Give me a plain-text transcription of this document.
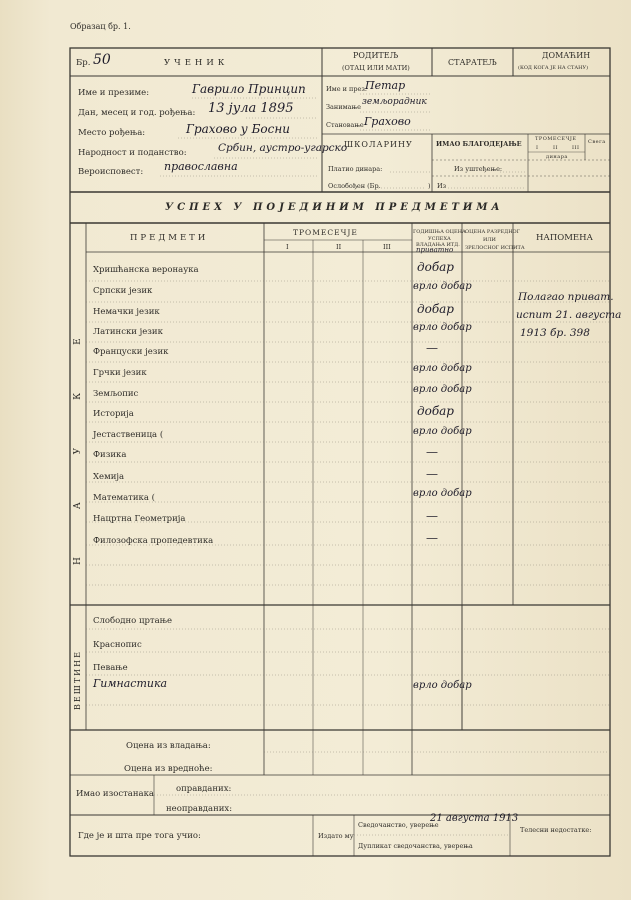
Образац бр. 1.
Бр. 50	УЧЕНИК
РОДИТЕЉ
(ОТАЦ ИЛИ МАТИ)
СТАРАТЕЉ
ДОМАЋИН
(КОД КОГА ЈЕ НА СТАНУ)
Име и презиме:	Гаврило Принцип
Дан, месец и год. рођења: 13 јула 1895
Место рођења:	Грахово у Босни
Народност и поданство:	Србин, аустро-угарско
Вероисповест: православна
Име и през.
Петар
Занимање земљорадник
Становање Грахово
ШКОЛАРИНУ
Платио динара:
Ослобођен (Бр.	)
ИМАО БЛАГОДЕЈАЊЕ
Из уштеђење:
Из
ТРОМЕСЕЧЈЕ
I	II	III
Свега
динара
УСПЕХ У ПОЈЕДИНИМ ПРЕДМЕТИМА
ПРЕДМЕТИ
ТРОМЕСЕЧЈЕ
I	II	III
ГОДИШЊА ОЦЕНА
УСПЕХА
ВЛАДАЊА ИТД.
приватно
ОЦЕНА РАЗРЕДНОГ
ИЛИ
ЗРЕЛОСНОГ ИСПИТА
НАПОМЕНА
НАУКЕ
ВЕШТИНЕ
Хришћанска веронаука	добар
Српски језик	врло добар
Немачки језик	добар
Латински језик	врло добар
Француски језик	—
Грчки језик	врло добар
Земљопис	врло добар
Историја	добар
Јестаственица (	врло добар
Физика	—
Хемија	—
Математика (	врло добар
Нацртна Геометрија	—
Филозофска пропедевтика	—
Полагао приват.
испит 21. августа
1913 бр. 398
Слободно цртање
Краснопис
Певање
Гимнастика	врло добар
Оцена из владања:
Оцена из вредноће:
Имао изостанака	оправданих:
неоправданих:
Где је и шта пре тога учио:	Издато му
Сведочанство, уверење
21 августа 1913
Дупликат сведочанства, уверења
Телесни недостатке:
